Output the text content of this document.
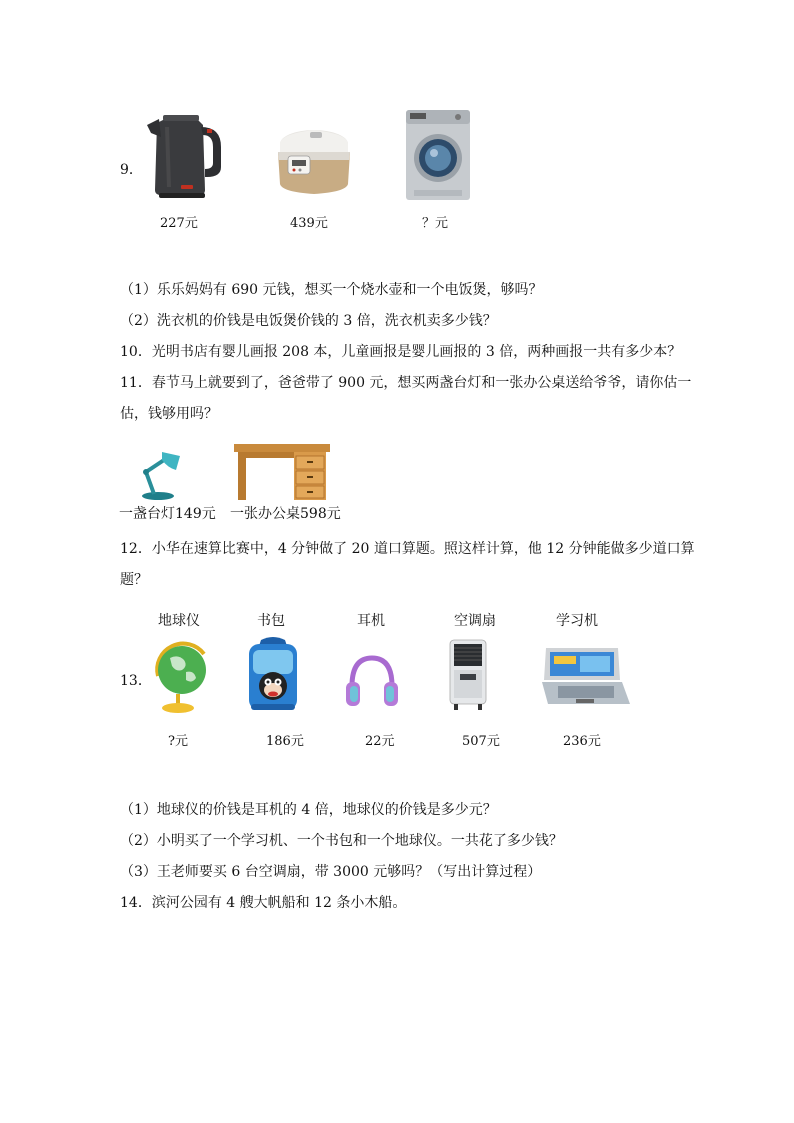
9．
227元	439元	？元
（1）乐乐妈妈有 690 元钱，想买一个烧水壶和一个电饭煲，够吗？
（2）洗衣机的价钱是电饭煲价钱的 3 倍，洗衣机卖多少钱？
10．光明书店有婴儿画报 208 本，儿童画报是婴儿画报的 3 倍，两种画报一共有多少本？
11．春节马上就要到了，爸爸带了 900 元，想买两盏台灯和一张办公桌送给爷爷，请你估一
估，钱够用吗？
一盏台灯149元 一张办公桌598元
12．小华在速算比赛中，4 分钟做了 20 道口算题。照这样计算，他 12 分钟能做多少道口算
题？
地球仪	书包	耳机	空调扇	学习机
13．
?元	186元	22元	507元	236元
（1）地球仪的价钱是耳机的 4 倍，地球仪的价钱是多少元？
（2）小明买了一个学习机、一个书包和一个地球仪。一共花了多少钱？
（3）王老师要买 6 台空调扇，带 3000 元够吗？（写出计算过程）
14．滨河公园有 4 艘大帆船和 12 条小木船。
